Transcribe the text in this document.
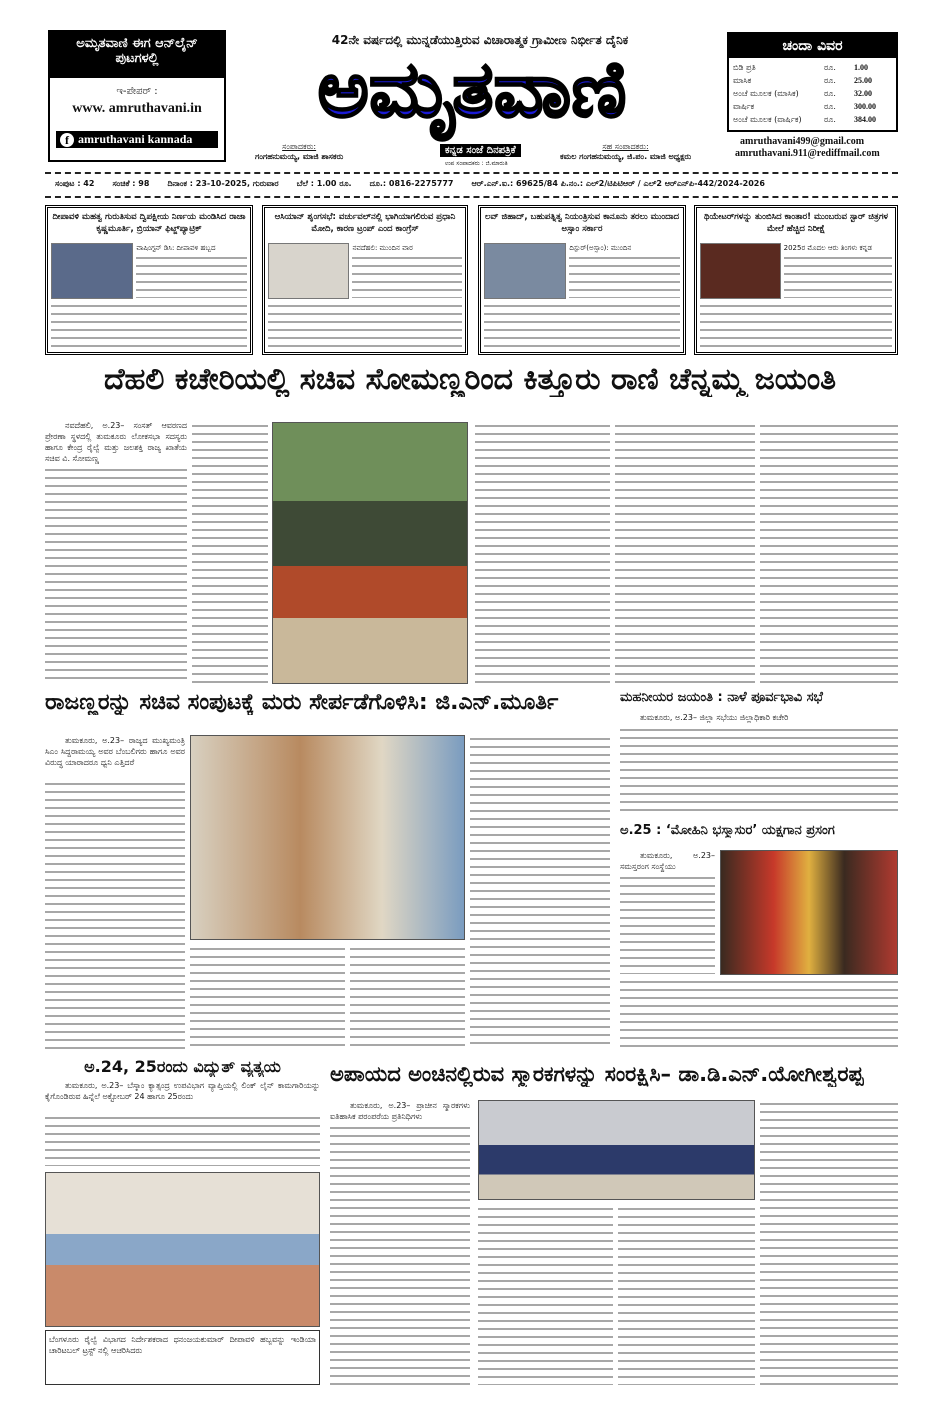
ಅಮೃತವಾಣಿ ಈಗ ಆನ್‌ಲೈನ್ ಪುಟಗಳಲ್ಲಿ
ಇ-ಪೇಪರ್ :
www. amruthavani.in
f amruthavani kannada
42ನೇ ವರ್ಷದಲ್ಲಿ ಮುನ್ನಡೆಯುತ್ತಿರುವ ವಿಚಾರಾತ್ಮಕ ಗ್ರಾಮೀಣ ನಿರ್ಭೀತ ದೈನಿಕ
ಅಮೃತವಾಣಿ
ಕನ್ನಡ ಸಂಜೆ ದಿನಪತ್ರಿಕೆ
ಉಪ ಸಂಪಾದಕರು : ಜಿ.ಮಾರುತಿ
ಸಂಪಾದಕರು:
ಗಂಗಹನುಮಯ್ಯ, ಮಾಜಿ ಶಾಸಕರು
ಸಹ ಸಂಪಾದಕರು:
ಕಮಲ ಗಂಗಹನುಮಯ್ಯ, ಜಿ.ಪಂ. ಮಾಜಿ ಅಧ್ಯಕ್ಷರು
ಚಂದಾ ವಿವರ
ಬಿಡಿ ಪ್ರತಿ	ರೂ.	1.00
ಮಾಸಿಕ	ರೂ.	25.00
ಅಂಚೆ ಮೂಲಕ (ಮಾಸಿಕ)	ರೂ.	32.00
ವಾರ್ಷಿಕ	ರೂ.	300.00
ಅಂಚೆ ಮೂಲಕ (ವಾರ್ಷಿಕ)	ರೂ.	384.00
amruthavani499@gmail.com
amruthavani.911@rediffmail.com
ಸಂಪುಟ : 42 ಸಂಚಿಕೆ : 98 ದಿನಾಂಕ : 23-10-2025, ಗುರುವಾರ ಬೆಲೆ : 1.00 ರೂ. ದೂ.: 0816-2275777 ಆರ್.ಎನ್.ಐ.: 69625/84 ಪಿ.ನಂ.: ಎಲ್2/ಟಿಪಿಟಿಆರ್ / ಎಲ್2 ಆರ್‌ಎನ್‌ಪಿ-442/2024-2026
ದೀಪಾವಳಿ ಮಹತ್ವ ಗುರುತಿಸುವ ದ್ವಿಪಕ್ಷೀಯ ನಿರ್ಣಯ ಮಂಡಿಸಿದ ರಾಜಾ ಕೃಷ್ಣಮೂರ್ತಿ, ಬ್ರಿಯಾನ್ ಫಿಟ್ಜ್‌ಪ್ಯಾಟ್ರಿಕ್
ವಾಷಿಂಗ್ಟನ್ ಡಿಸಿ: ದೀಪಾವಳಿ ಹಬ್ಬದ
ಆಸಿಯಾನ್ ಶೃಂಗಸಭೆ: ವರ್ಚುವಲ್‌ನಲ್ಲಿ ಭಾಗಿಯಾಗಲಿರುವ ಪ್ರಧಾನಿ ಮೋದಿ, ಕಾರಣ ಟ್ರಂಪ್ ಎಂದ ಕಾಂಗ್ರೆಸ್
ನವದೆಹಲಿ: ಮುಂದಿನ ವಾರ
ಲವ್ ಜಿಹಾದ್, ಬಹುಪತ್ನಿತ್ವ ನಿಯಂತ್ರಿಸುವ ಕಾನೂನು ತರಲು ಮುಂದಾದ ಅಸ್ಸಾಂ ಸರ್ಕಾರ
ದಿಸ್ಪುರ್(ಅಸ್ಸಾಂ): ಮುಂದಿನ
ಥಿಯೇಟರ್‌ಗಳನ್ನು ತುಂಬಿಸಿದ ಕಾಂತಾರ! ಮುಂಬರುವ ಸ್ಟಾರ್ ಚಿತ್ರಗಳ ಮೇಲೆ ಹೆಚ್ಚಿದ ನಿರೀಕ್ಷೆ
2025ರ ಮೊದಲ ಆರು ತಿಂಗಳು ಕನ್ನಡ
ದೆಹಲಿ ಕಚೇರಿಯಲ್ಲಿ ಸಚಿವ ಸೋಮಣ್ಣರಿಂದ ಕಿತ್ತೂರು ರಾಣಿ ಚೆನ್ನಮ್ಮ ಜಯಂತಿ
ನವದೆಹಲಿ, ಅ.23– ಸಂಸತ್ ಆವರಣದ ಪ್ರೇರಣಾ ಸ್ಥಳದಲ್ಲಿ ತುಮಕೂರು ಲೋಕಸಭಾ ಸದಸ್ಯರು ಹಾಗೂ ಕೇಂದ್ರ ರೈಲ್ವೆ ಮತ್ತು ಜಲಶಕ್ತಿ ರಾಜ್ಯ ಖಾತೆಯ ಸಚಿವ ವಿ. ಸೋಮಣ್ಣ
ರಾಜಣ್ಣರನ್ನು ಸಚಿವ ಸಂಪುಟಕ್ಕೆ ಮರು ಸೇರ್ಪಡೆಗೊಳಿಸಿ: ಜಿ.ಎನ್.ಮೂರ್ತಿ
ತುಮಕೂರು, ಅ.23– ರಾಜ್ಯದ ಮುಖ್ಯಮಂತ್ರಿ ಸಿಎಂ ಸಿದ್ದರಾಮಯ್ಯ ಅವರ ಬೆಂಬಲಿಗರು ಹಾಗೂ ಅವರ ವಿರುದ್ಧ ಯಾರಾದರೂ ಧ್ವನಿ ಎತ್ತಿದರೆ
ಮಹನೀಯರ ಜಯಂತಿ : ನಾಳೆ ಪೂರ್ವಭಾವಿ ಸಭೆ
ತುಮಕೂರು, ಅ.23– ಜಿಲ್ಲಾ ಸಭೆಯು ಜಿಲ್ಲಾಧಿಕಾರಿ ಕಚೇರಿ
ಅ.25 : ‘ಮೋಹಿನಿ ಭಸ್ಮಾಸುರ’ ಯಕ್ಷಗಾನ ಪ್ರಸಂಗ
ತುಮಕೂರು, ಅ.23– ಸಮಸ್ತರಂಗ ಸಂಸ್ಥೆಯು
ಅ.24, 25ರಂದು ವಿದ್ಯುತ್ ವ್ಯತ್ಯಯ
ತುಮಕೂರು, ಅ.23– ಬೆಸ್ಕಾಂ ಕ್ಯಾತ್ಸಂದ್ರ ಉಪವಿಭಾಗ ವ್ಯಾಪ್ತಿಯಲ್ಲಿ ಲಿಂಕ್ ಲೈನ್ ಕಾಮಗಾರಿಯನ್ನು ಕೈಗೊಂಡಿರುವ ಹಿನ್ನೆಲೆ ಅಕ್ಟೋಬರ್ 24 ಹಾಗೂ 25ರಂದು
ಬೆಂಗಳೂರು ರೈಲ್ವೆ ವಿಭಾಗದ ನಿರ್ದೇಶಕರಾದ ಧನಂಜಯಕುಮಾರ್ ದೀಪಾವಳಿ ಹಬ್ಬವನ್ನು ಇಂಡಿಯಾ ಚಾರಿಟಬಲ್ ಟ್ರಸ್ಟ್ ನಲ್ಲಿ ಆಚರಿಸಿದರು
ಅಪಾಯದ ಅಂಚಿನಲ್ಲಿರುವ ಸ್ಮಾರಕಗಳನ್ನು ಸಂರಕ್ಷಿಸಿ– ಡಾ.ಡಿ.ಎನ್.ಯೋಗೀಶ್ವರಪ್ಪ
ತುಮಕೂರು, ಅ.23– ಪ್ರಾಚೀನ ಸ್ಮಾರಕಗಳು ಐತಿಹಾಸಿಕ ಪರಂಪರೆಯ ಪ್ರತಿನಿಧಿಗಳು
